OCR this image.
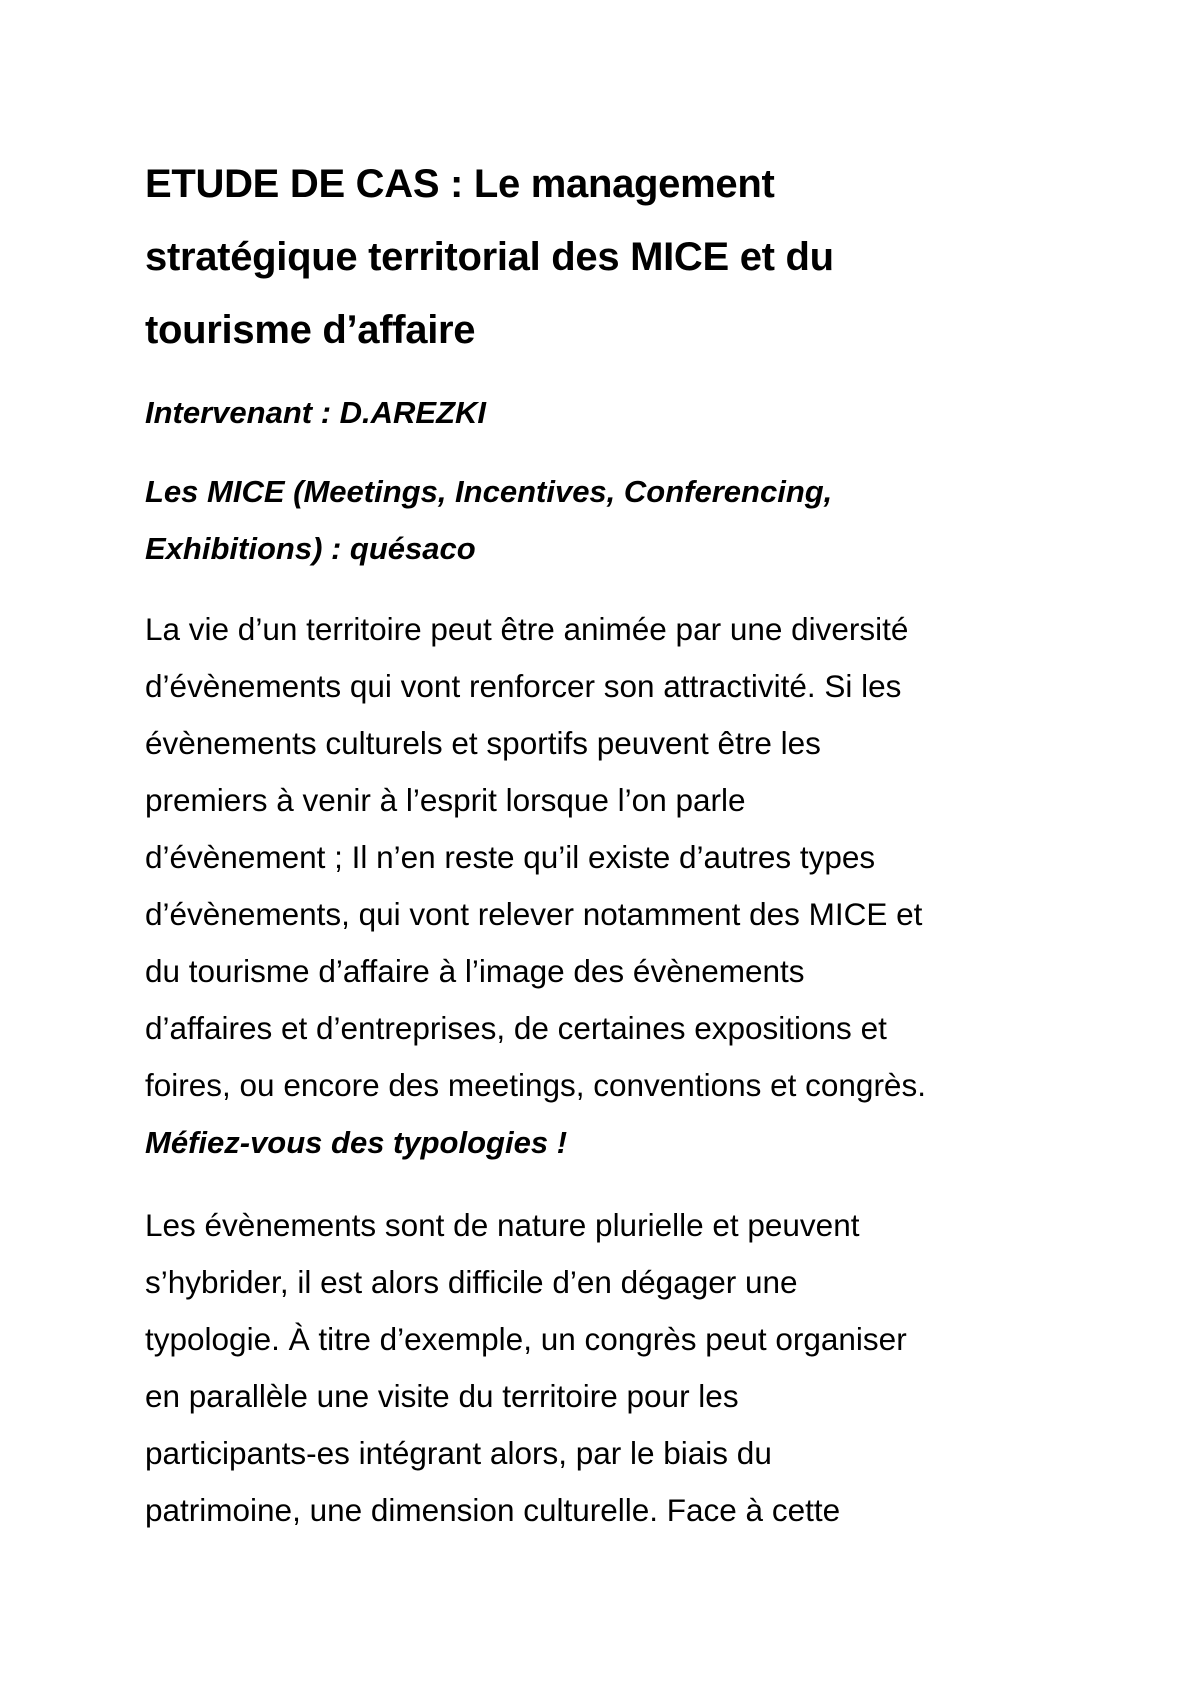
ETUDE DE CAS : Le management
stratégique territorial des MICE et du
tourisme d’affaire

Intervenant : D.AREZKI

Les MICE (Meetings, Incentives, Conferencing,
Exhibitions) : quésaco
La vie d’un territoire peut être animée par une diversité
d’évènements qui vont renforcer son attractivité. Si les
évènements culturels et sportifs peuvent être les
premiers à venir à l’esprit lorsque l’on parle
d’évènement ; Il n’en reste qu’il existe d’autres types
d’évènements, qui vont relever notamment des MICE et
du tourisme d’affaire à l’image des évènements
d’affaires et d’entreprises, de certaines expositions et
foires, ou encore des meetings, conventions et congrès.

Méfiez-vous des typologies !

Les évènements sont de nature plurielle et peuvent
s’hybrider, il est alors difficile d’en dégager une
typologie. À titre d’exemple, un congrès peut organiser
en parallèle une visite du territoire pour les
participants-es intégrant alors, par le biais du
patrimoine, une dimension culturelle. Face à cette
